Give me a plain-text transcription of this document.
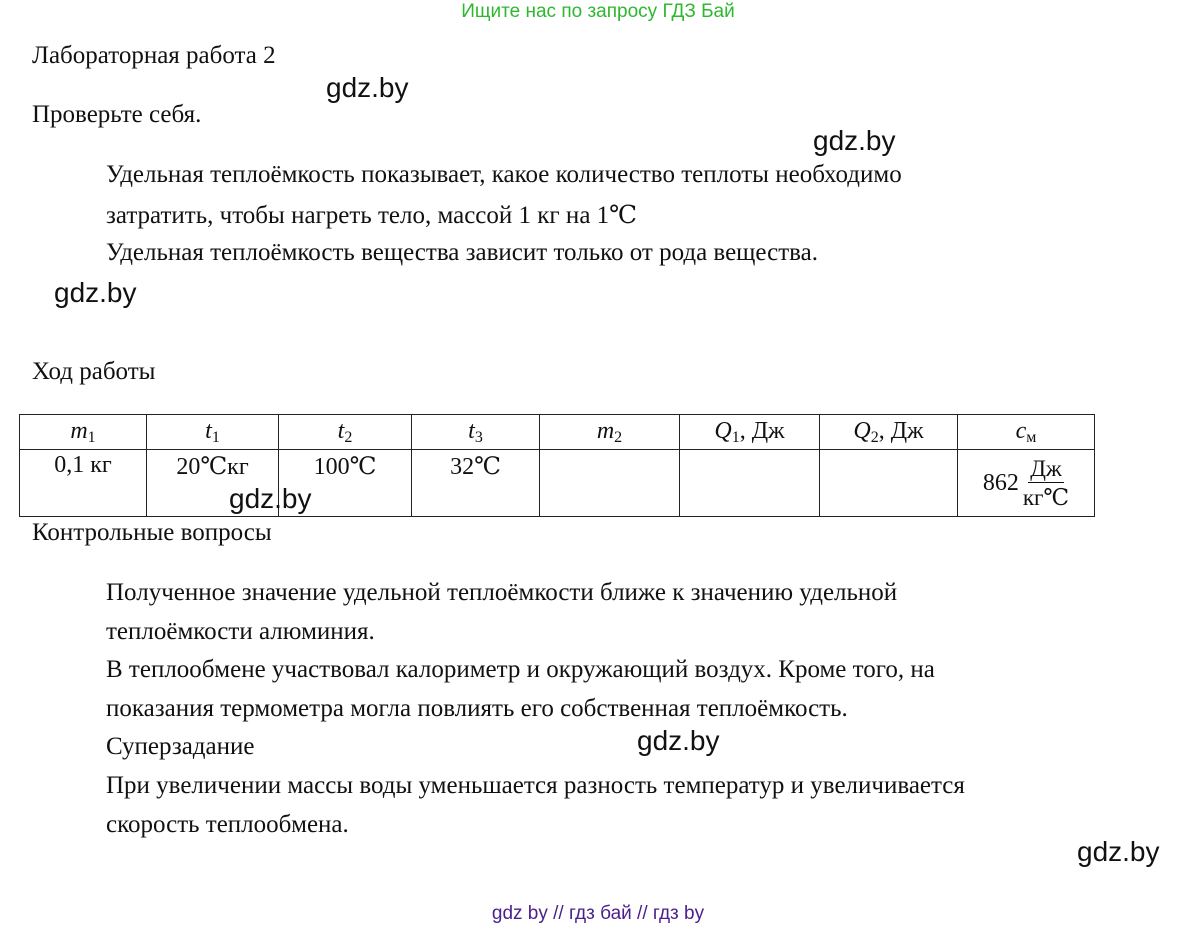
Ищите нас по запросу ГДЗ Бай
Лабораторная работа 2
gdz.by
Проверьте себя.
gdz.by
Удельная теплоёмкость показывает, какое количество теплоты необходимо
затратить, чтобы нагреть тело, массой 1 кг на 1℃
Удельная теплоёмкость вещества зависит только от рода вещества.
gdz.by
Ход работы
$m_1$	$t_1$	$t_2$	$t_3$	$m_2$	$Q_1$, Дж	$Q_2$, Дж	$c_м$
0,1 кг	20℃кг	100℃	32℃				$862 \frac{Дж}{кг℃}$
gdz.by
Контрольные вопросы
Полученное значение удельной теплоёмкости ближе к значению удельной
теплоёмкости алюминия.
В теплообмене участвовал калориметр и окружающий воздух. Кроме того, на
показания термометра могла повлиять его собственная теплоёмкость.
Суперзадание	gdz.by
При увеличении массы воды уменьшается разность температур и увеличивается
скорость теплообмена.
gdz.by
gdz by // гдз бай // гдз by
